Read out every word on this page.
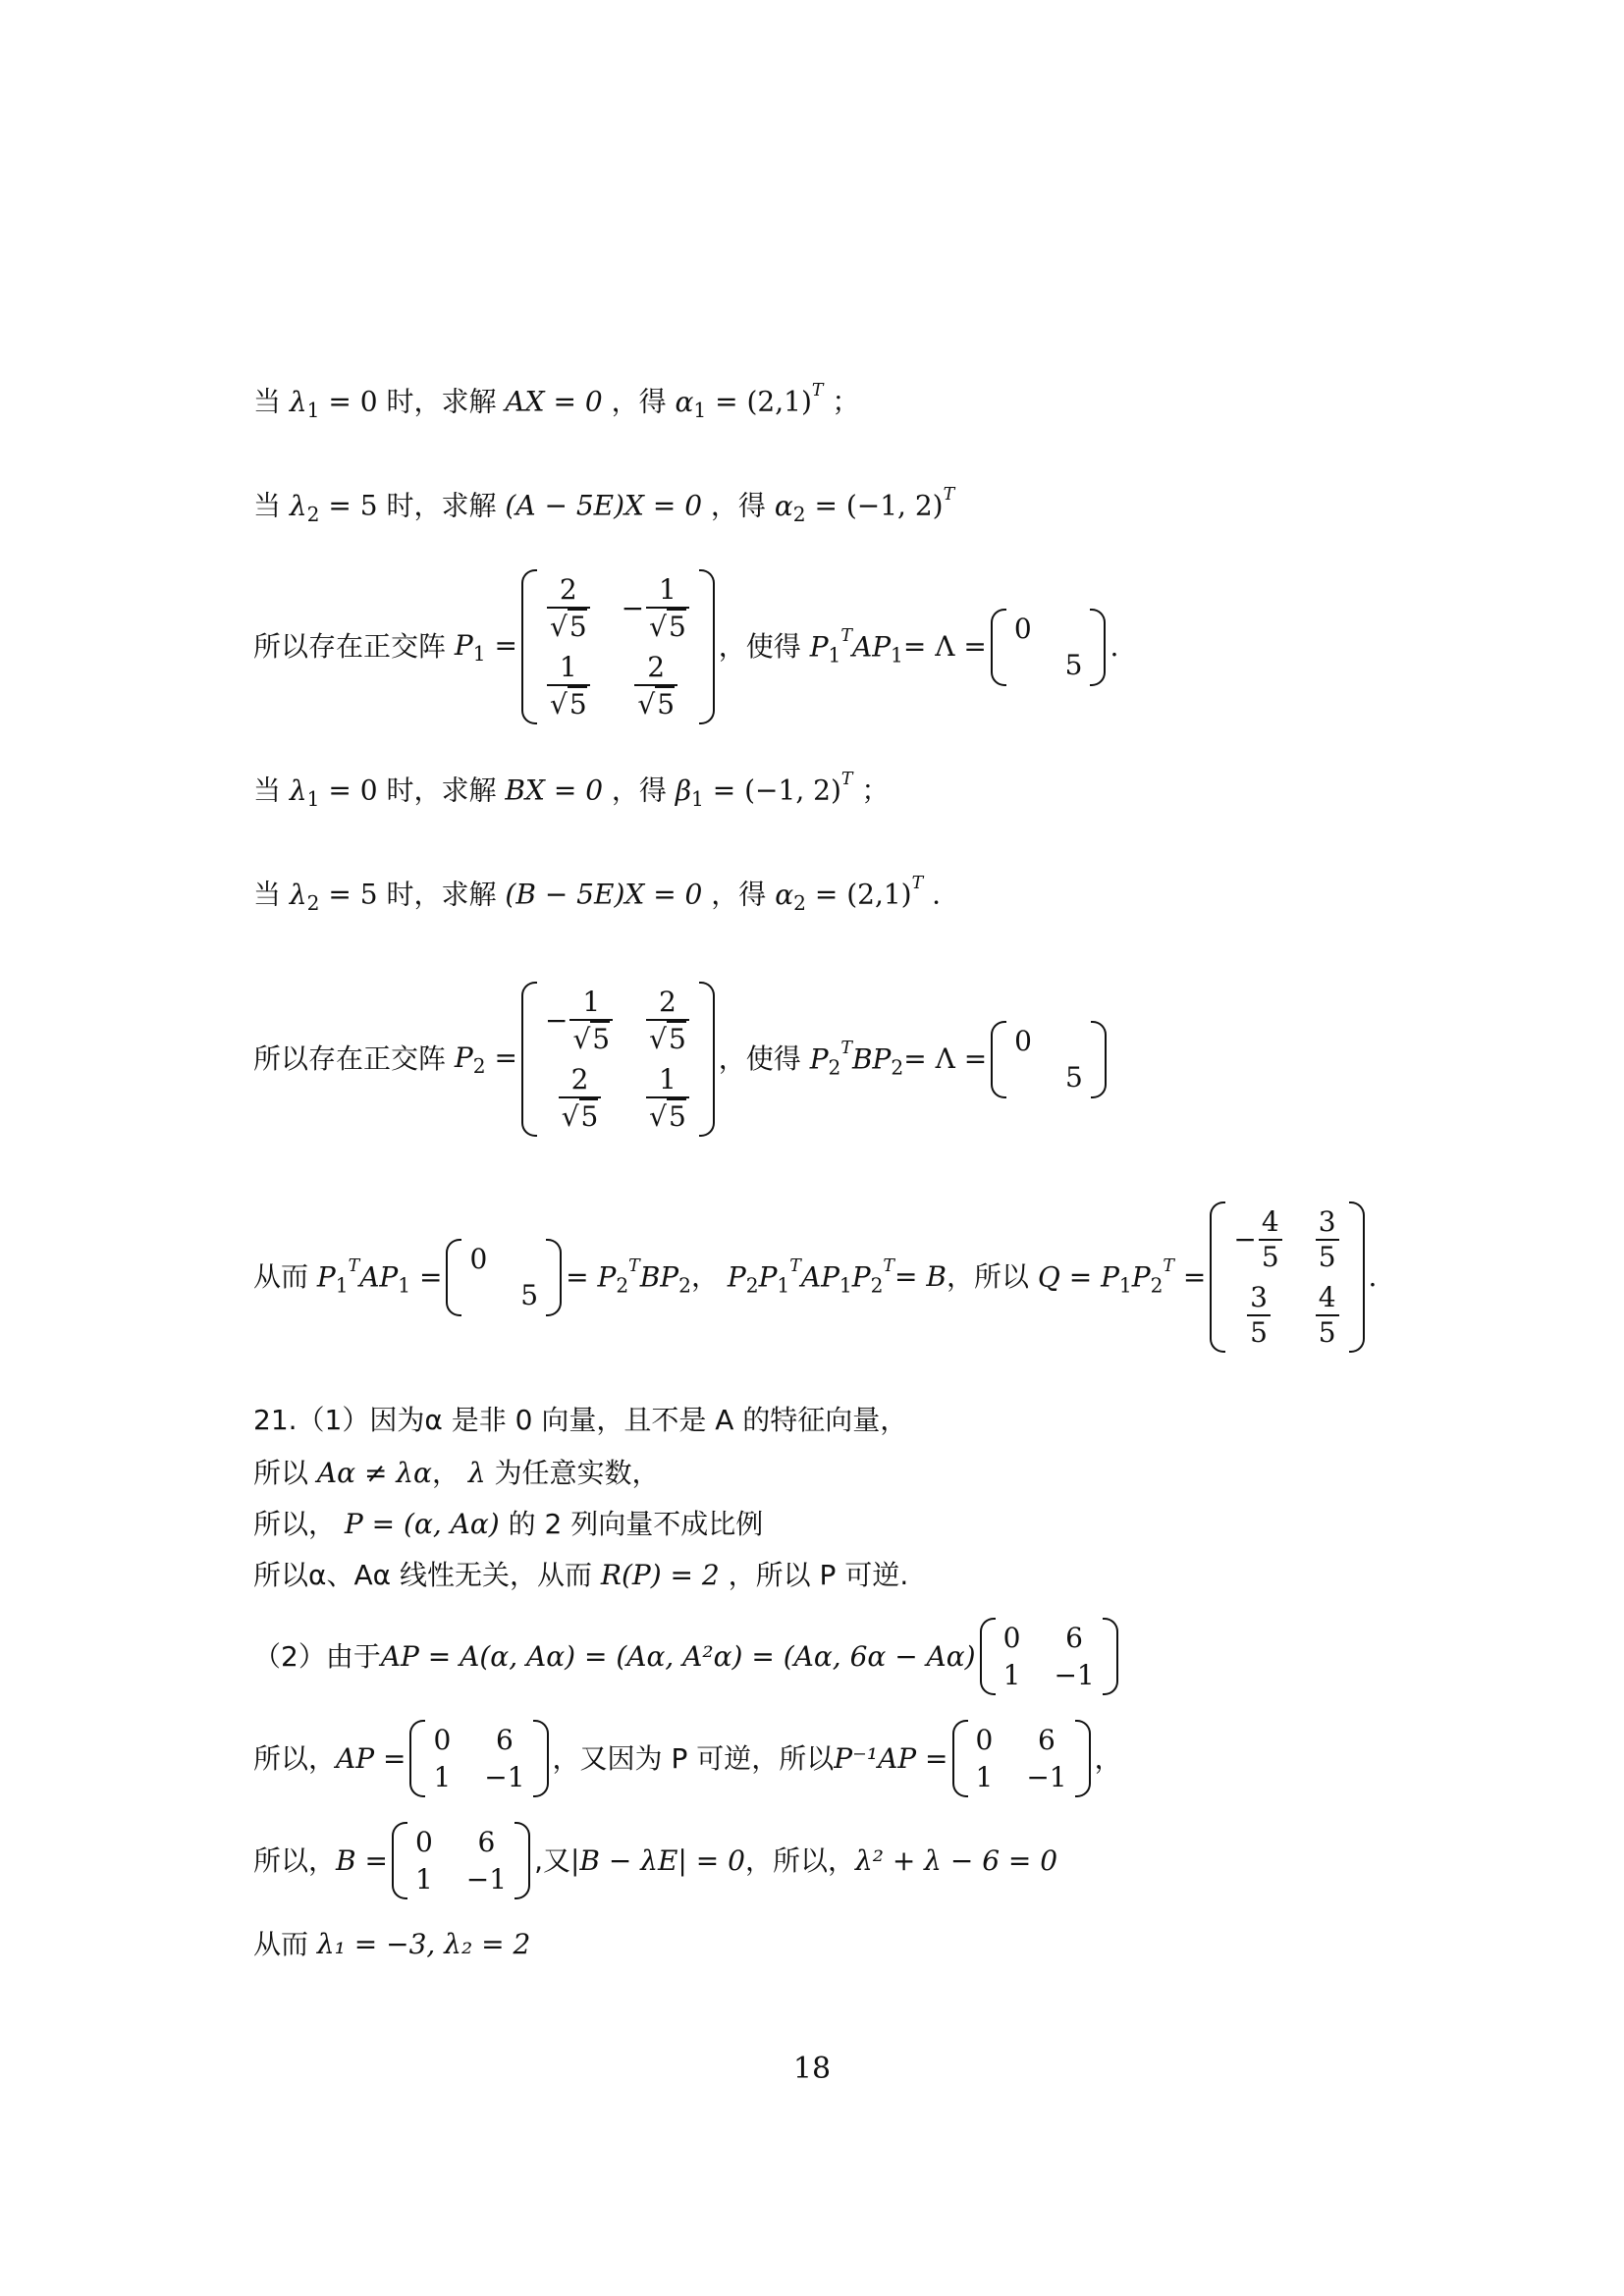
当 $\lambda_1 = 0$ 时，求解 AX = 0 ，得 $\alpha_1 = (2,1)^T$ ；
当 $\lambda_2 = 5$ 时，求解 (A − 5E)X = 0 ，得 $\alpha_2 = (-1$, 2)$^T$
所以存在正交阵 $P_1$ =
$\frac{2}{√ 5} - \frac{1}{√ 5}$
$\frac{1}{√ 5} \frac{2}{√ 5}$
，使得 $P_1^TAP_1 = \Lambda$ =
0
5
.
当 $\lambda_1 = 0$ 时，求解 BX = 0 ，得 $\beta_1 = (-1$, 2)$^T$ ；
当 $\lambda_2 = 5$ 时，求解 (B − 5E)X = 0 ，得 $\alpha_2 = (2,1)^T$ .
所以存在正交阵 $P_2$ =
− $\frac{1}{√ 5} \frac{2}{√ 5}$
$\frac{2}{√ 5} \frac{1}{√ 5}$
，使得 $P_2^TBP_2 = \Lambda$ =
0
5
从而 $P_1^TAP_1$ =
0
5
= $P_2^TBP_2$ ， $P_2P_1^TAP_1P_2^T = B$ ，所以 $Q = P_1P_2^T$ =
− $\frac{4}{5} \frac{3}{5}$
$\frac{3}{5} \frac{4}{5}$
.
21.（1）因为α 是非 0 向量，且不是 A 的特征向量，
所以 Aα ≠ λα， λ 为任意实数，
所以， P = (α, Aα) 的 2 列向量不成比例
所以α、Aα 线性无关，从而 R(P) = 2 ，所以 P 可逆.
（2）由于 AP = A(α, Aα) = (Aα, A²α) = (Aα, 6α − Aα)
0 6
1 −1
所以， AP =
0 6
1 −1
，又因为 P 可逆，所以 P⁻¹AP =
0 6
1 −1
，
所以， B =
0 6
1 −1
,又 |B − λE| = 0 ，所以， λ² + λ − 6 = 0
从而 λ₁ = −3, λ₂ = 2
18
